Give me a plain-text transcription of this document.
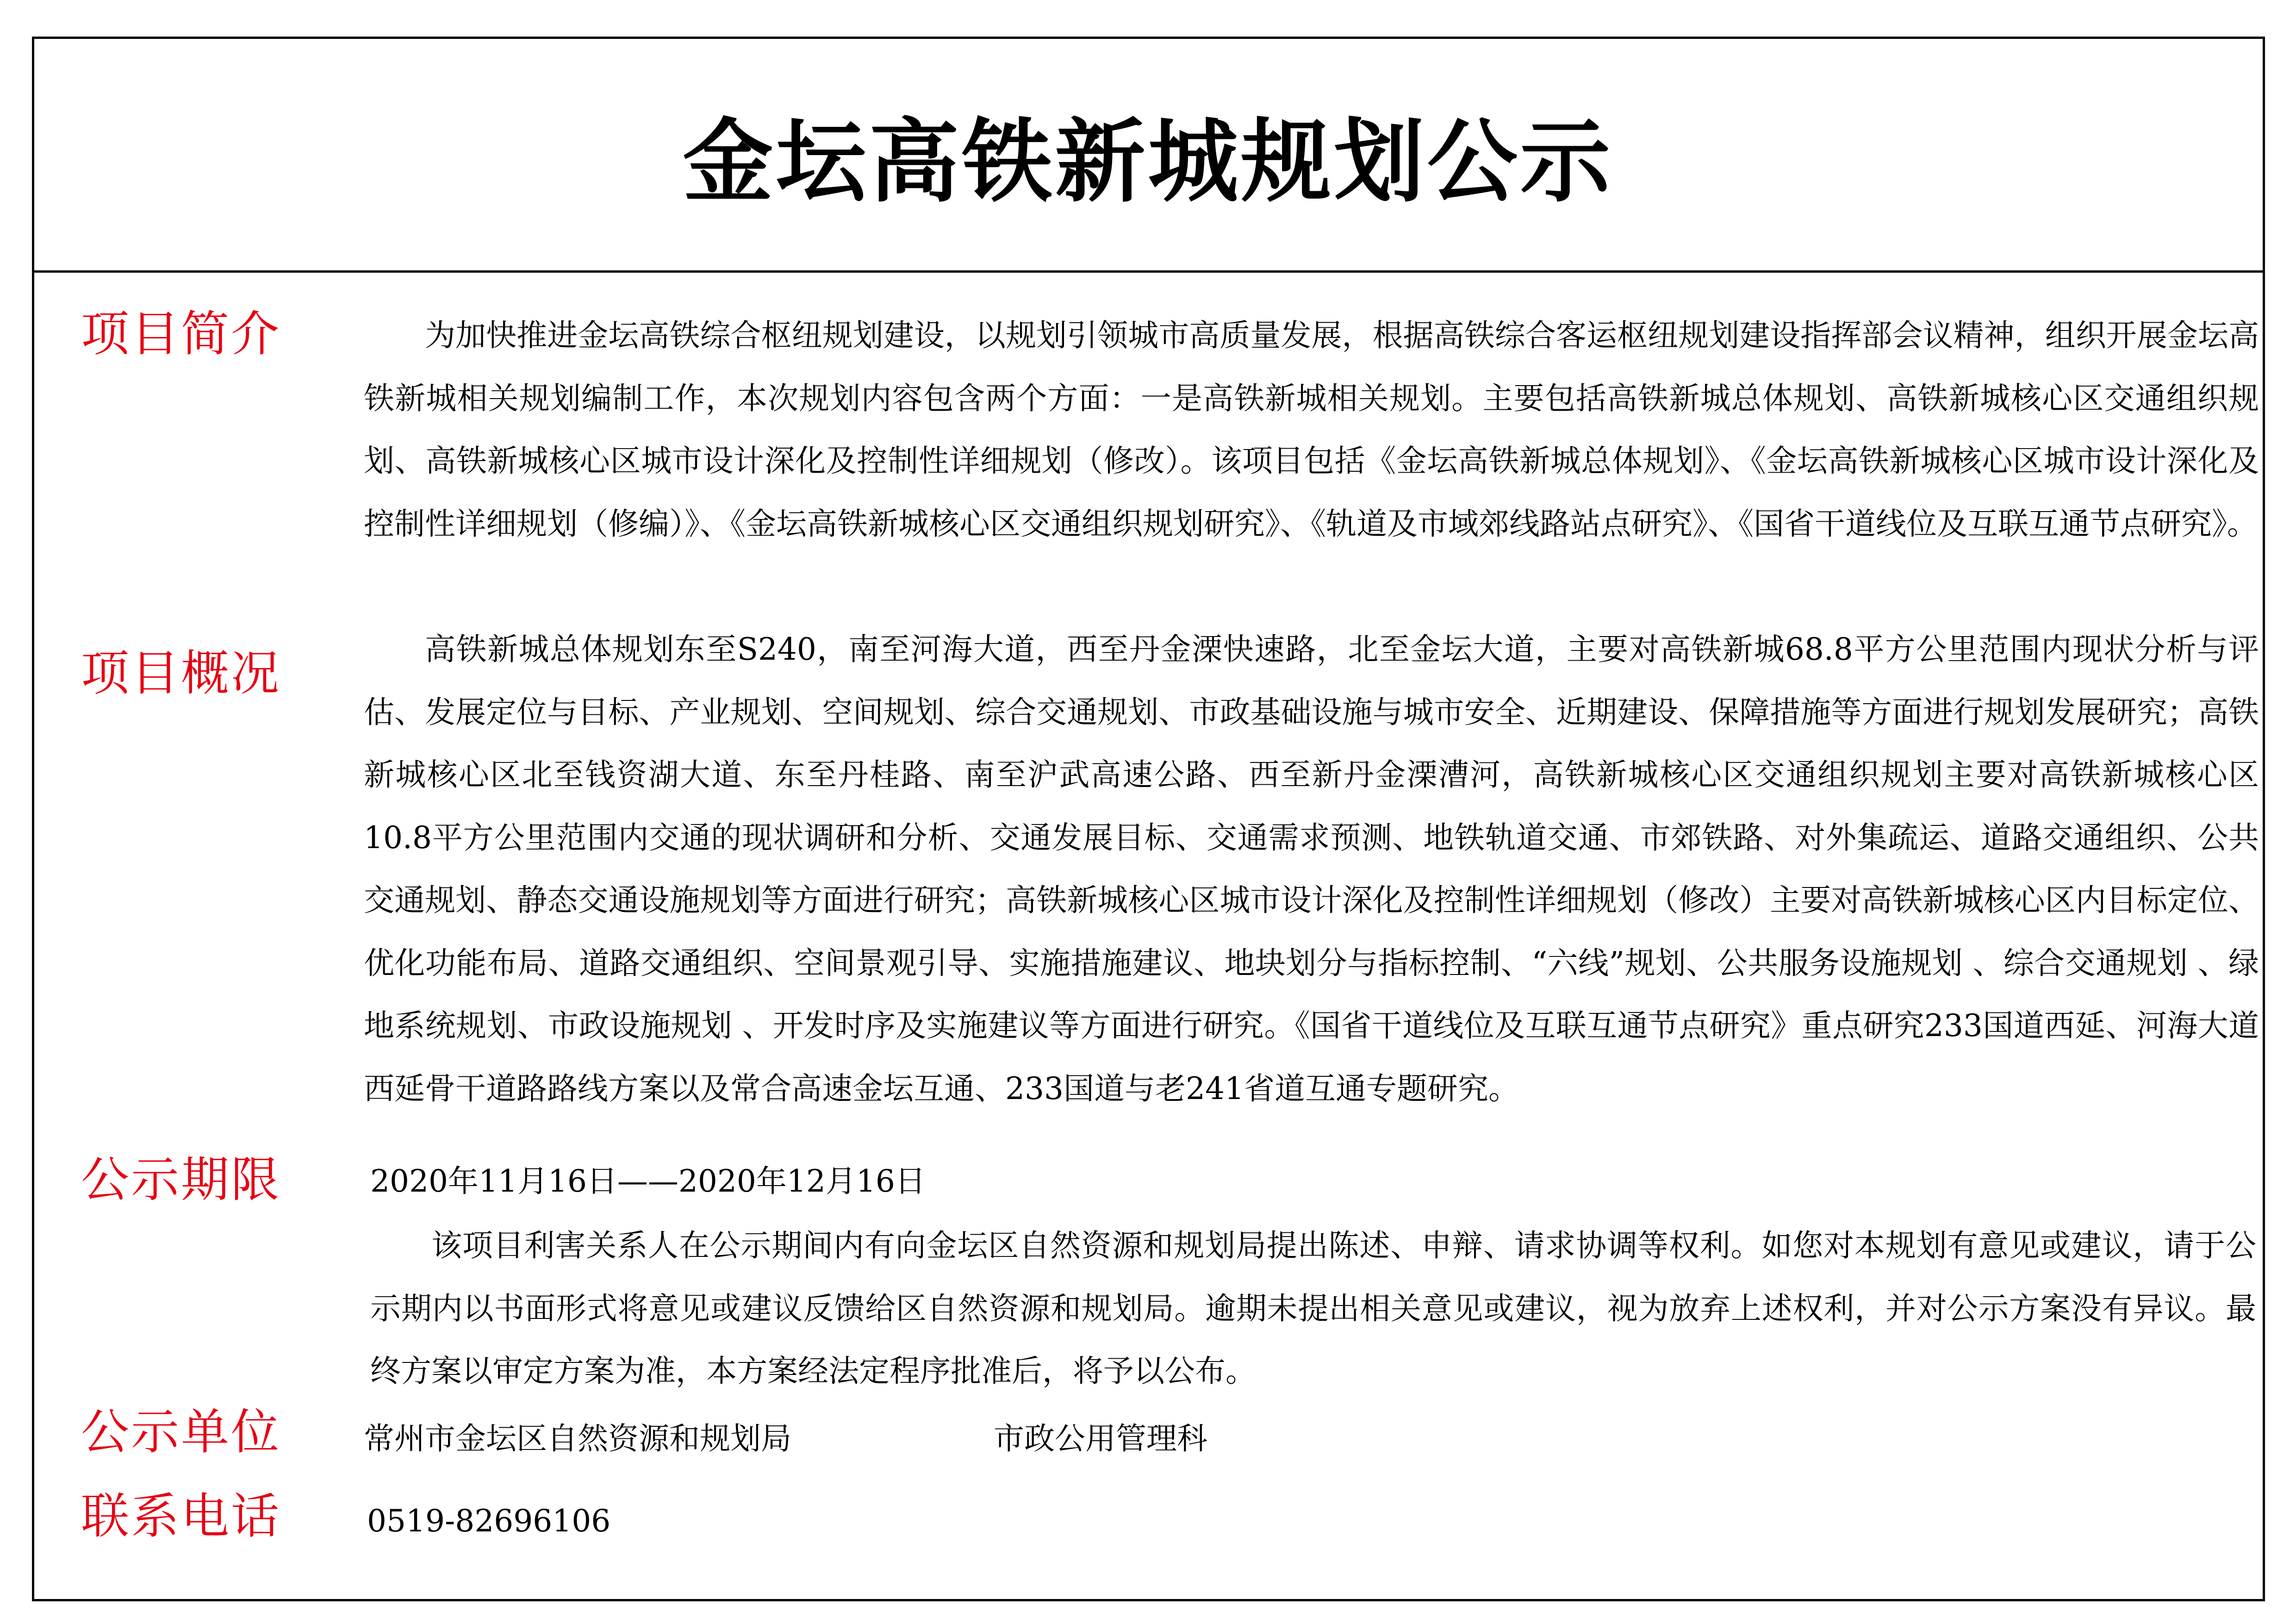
金坛高铁新城规划公示
项目简介
项目概况
公示期限
公示单位
联系电话

为加快推进金坛高铁综合枢纽规划建设，以规划引领城市高质量发展，根据高铁综合客运枢纽规划建设指挥部会议精神，组织开展金坛高铁新城相关规划编制工作，本次规划内容包含两个方面：一是高铁新城相关规划。主要包括高铁新城总体规划、高铁新城核心区交通组织规划、高铁新城核心区城市设计深化及控制性详细规划（修改）。该项目包括《金坛高铁新城总体规划》、《金坛高铁新城核心区城市设计深化及控制性详细规划（修编）》、《金坛高铁新城核心区交通组织规划研究》、《轨道及市域郊线路站点研究》、《国省干道线位及互联互通节点研究》。

高铁新城总体规划东至S240，南至河海大道，西至丹金溧快速路，北至金坛大道，主要对高铁新城68.8平方公里范围内现状分析与评估、发展定位与目标、产业规划、空间规划、综合交通规划、市政基础设施与城市安全、近期建设、保障措施等方面进行规划发展研究；高铁新城核心区北至钱资湖大道、东至丹桂路、南至沪武高速公路、西至新丹金溧漕河，高铁新城核心区交通组织规划主要对高铁新城核心区10.8平方公里范围内交通的现状调研和分析、交通发展目标、交通需求预测、地铁轨道交通、市郊铁路、对外集疏运、道路交通组织、公共交通规划、静态交通设施规划等方面进行研究；高铁新城核心区城市设计深化及控制性详细规划（修改）主要对高铁新城核心区内目标定位、优化功能布局、道路交通组织、空间景观引导、实施措施建议、地块划分与指标控制、“六线”规划、公共服务设施规划 、综合交通规划 、绿地系统规划、市政设施规划 、开发时序及实施建议等方面进行研究。《国省干道线位及互联互通节点研究》重点研究233国道西延、河海大道西延骨干道路路线方案以及常合高速金坛互通、233国道与老241省道互通专题研究。

2020年11月16日——2020年12月16日

该项目利害关系人在公示期间内有向金坛区自然资源和规划局提出陈述、申辩、请求协调等权利。如您对本规划有意见或建议，请于公示期内以书面形式将意见或建议反馈给区自然资源和规划局。逾期未提出相关意见或建议，视为放弃上述权利，并对公示方案没有异议。最终方案以审定方案为准，本方案经法定程序批准后，将予以公布。

常州市金坛区自然资源和规划局	市政公用管理科
0519-82696106
